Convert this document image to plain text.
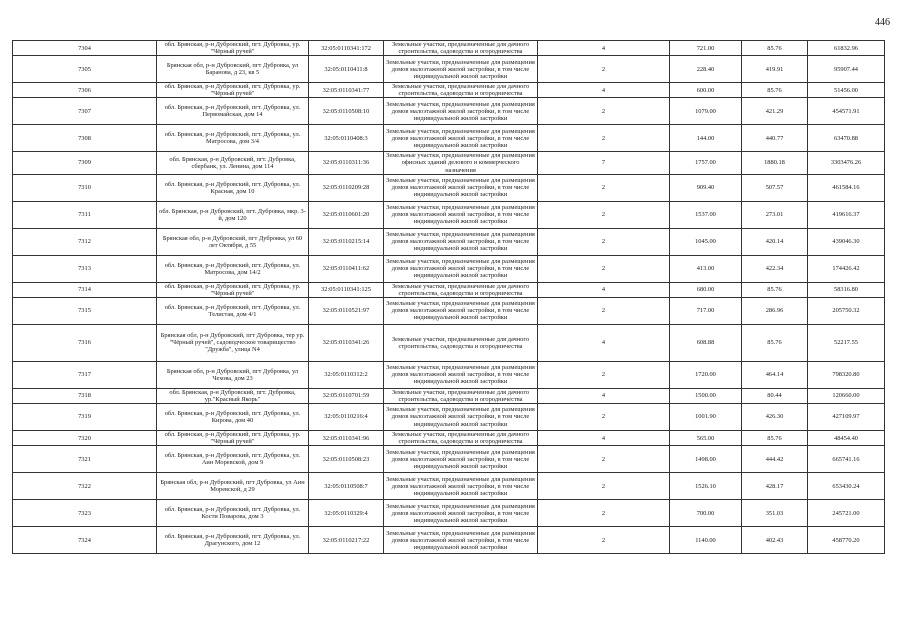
446
7304	обл. Брянская, р-н Дубровский, пгт. Дубровка, ур. "Чёрный ручей"	32:05:0110341:172	Земельные участки, предназначенные для дачного строительства, садоводства и огородничества	4	721.00	85.76	61832.96
7305	Брянская обл, р-н Дубровский, пгт Дубровка, ул Баранова, д 23, кв 5	32:05:0110411:8	Земельные участки, предназначенные для размещения домов малоэтажной жилой застройки, в том числе индивидуальной жилой застройки	2	228.40	419.91	95907.44
7306	обл. Брянская, р-н Дубровский, пгт. Дубровка, ур. "Чёрный ручей"	32:05:0110341:77	Земельные участки, предназначенные для дачного строительства, садоводства и огородничества	4	600.00	85.76	51456.00
7307	обл. Брянская, р-н Дубровский, пгт. Дубровка, ул. Первомайская, дом 14	32:05:0110508:10	Земельные участки, предназначенные для размещения домов малоэтажной жилой застройки, в том числе индивидуальной жилой застройки	2	1079.00	421.29	454571.91
7308	обл. Брянская, р-н Дубровский, пгт. Дубровка, ул. Матросова, дом 3/4	32:05:0110408:3	Земельные участки, предназначенные для размещения домов малоэтажной жилой застройки, в том числе индивидуальной жилой застройки	2	144.00	440.77	63470.88
7309	обл. Брянская, р-н Дубровский, пгт. Дубровка, сбербанк, ул. Ленина, дом 114	32:05:0110311:36	Земельные участки, предназначенные для размещения офисных зданий делового и коммерческого назначения	7	1757.00	1880.18	3303476.26
7310	обл. Брянская, р-н Дубровский, пгт. Дубровка, ул. Красная, дом 10	32:05:0110209:28	Земельные участки, предназначенные для размещения домов малоэтажной жилой застройки, в том числе индивидуальной жилой застройки	2	909.40	507.57	461584.16
7311	обл. Брянская, р-н Дубровский, пгт. Дубровка, мкр. 3-й, дом 120	32:05:0110601:20	Земельные участки, предназначенные для размещения домов малоэтажной жилой застройки, в том числе индивидуальной жилой застройки	2	1537.00	273.01	419616.37
7312	Брянская обл, р-н Дубровский, пгт Дубровка, ул 60 лет Октября, д 55	32:05:0110215:14	Земельные участки, предназначенные для размещения домов малоэтажной жилой застройки, в том числе индивидуальной жилой застройки	2	1045.00	420.14	439046.30
7313	обл. Брянская, р-н Дубровский, пгт. Дубровка, ул. Матросова, дом 14/2	32:05:0110411:62	Земельные участки, предназначенные для размещения домов малоэтажной жилой застройки, в том числе индивидуальной жилой застройки	2	413.00	422.34	174426.42
7314	обл. Брянская, р-н Дубровский, пгт. Дубровка, ур. "Чёрный ручей"	32:05:0110341:125	Земельные участки, предназначенные для дачного строительства, садоводства и огородничества	4	680.00	85.76	58316.80
7315	обл. Брянская, р-н Дубровский, пгт. Дубровка, ул. Телистая, дом 4/1	32:05:0110521:97	Земельные участки, предназначенные для размещения домов малоэтажной жилой застройки, в том числе индивидуальной жилой застройки	2	717.00	286.96	205750.32
7316	Брянская обл, р-н Дубровский, пгт Дубровка, тер ур. "Чёрный ручей", садоводческое товарищество "Дружба", улица N4	32:05:0110341:26	Земельные участки, предназначенные для дачного строительства, садоводства и огородничества	4	608.88	85.76	52217.55
7317	Брянская обл, р-н Дубровский, пгт Дубровка, ул Чехова, дом 23	32:05:0110312:2	Земельные участки, предназначенные для размещения домов малоэтажной жилой застройки, в том числе индивидуальной жилой застройки	2	1720.00	464.14	798320.80
7318	обл. Брянская, р-н Дубровский, пгт. Дубровка, ур."Красный Якорь"	32:05:0110701:59	Земельные участки, предназначенные для дачного строительства, садоводства и огородничества	4	1500.00	80.44	120660.00
7319	обл. Брянская, р-н Дубровский, пгт. Дубровка, ул. Кирова, дом 40	32:05:0110216:4	Земельные участки, предназначенные для размещения домов малоэтажной жилой застройки, в том числе индивидуальной жилой застройки	2	1001.90	426.30	427109.97
7320	обл. Брянская, р-н Дубровский, пгт. Дубровка, ур. "Чёрный ручей"	32:05:0110341:96	Земельные участки, предназначенные для дачного строительства, садоводства и огородничества	4	565.00	85.76	48454.40
7321	обл. Брянская, р-н Дубровский, пгт. Дубровка, ул. Аин Моревской, дом 9	32:05:0110508:23	Земельные участки, предназначенные для размещения домов малоэтажной жилой застройки, в том числе индивидуальной жилой застройки	2	1498.00	444.42	665741.16
7322	Брянская обл, р-н Дубровский, пгт Дубровка, ул Аин Моревской, д 29	32:05:0110508:7	Земельные участки, предназначенные для размещения домов малоэтажной жилой застройки, в том числе индивидуальной жилой застройки	2	1526.10	428.17	653430.24
7323	обл. Брянская, р-н Дубровский, пгт. Дубровка, ул. Кости Поварова, дом 3	32:05:0110329:4	Земельные участки, предназначенные для размещения домов малоэтажной жилой застройки, в том числе индивидуальной жилой застройки	2	700.00	351.03	245721.00
7324	обл. Брянская, р-н Дубровский, пгт. Дубровка, ул. Драгунского, дом 12	32:05:0110217:22	Земельные участки, предназначенные для размещения домов малоэтажной жилой застройки, в том числе индивидуальной жилой застройки	2	1140.00	402.43	458770.20
